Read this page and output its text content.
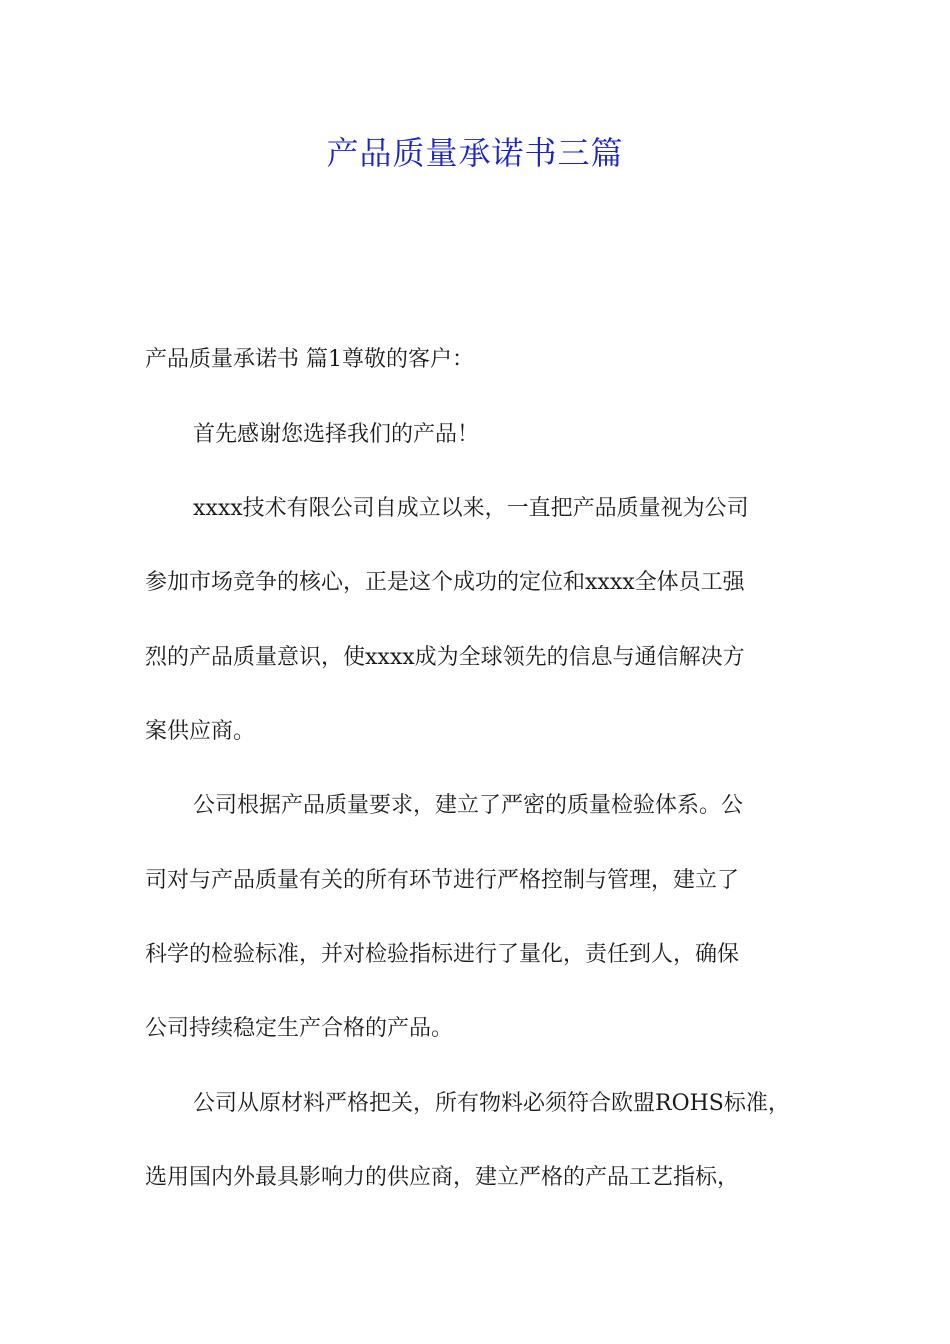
产品质量承诺书三篇
产品质量承诺书 篇1尊敬的客户：
首先感谢您选择我们的产品！
xxxx技术有限公司自成立以来，一直把产品质量视为公司
参加市场竞争的核心，正是这个成功的定位和xxxx全体员工强
烈的产品质量意识，使xxxx成为全球领先的信息与通信解决方
案供应商。
公司根据产品质量要求，建立了严密的质量检验体系。公
司对与产品质量有关的所有环节进行严格控制与管理，建立了
科学的检验标准，并对检验指标进行了量化，责任到人，确保
公司持续稳定生产合格的产品。
公司从原材料严格把关，所有物料必须符合欧盟ROHS标准，
选用国内外最具影响力的供应商，建立严格的产品工艺指标，
